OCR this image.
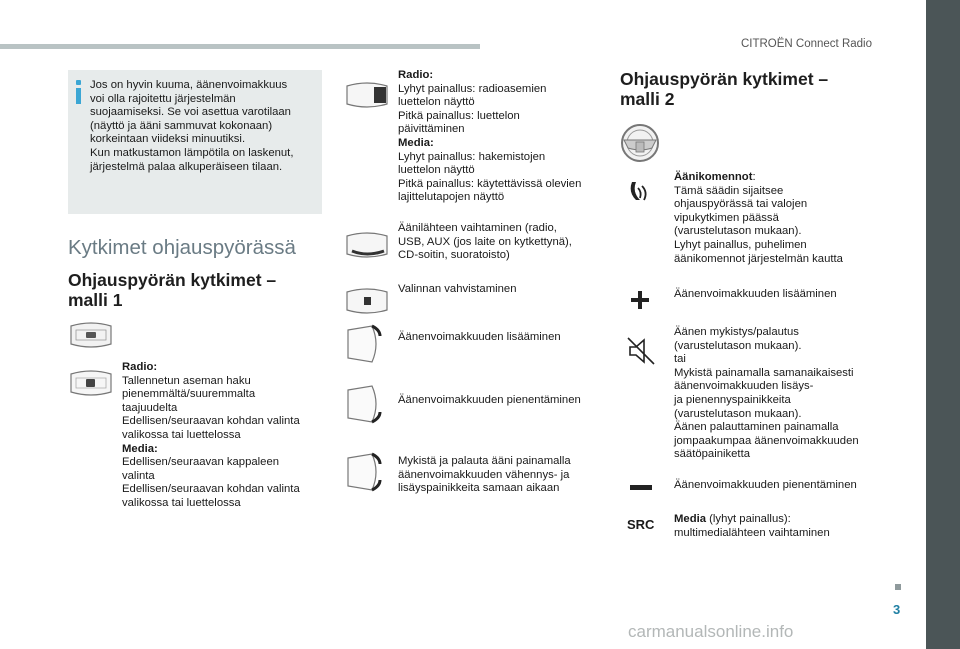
CITROËN Connect Radio
3
carmanualsonline.info
Jos on hyvin kuuma, äänenvoimakkuus
voi olla rajoitettu järjestelmän
suojaamiseksi. Se voi asettua varotilaan
(näyttö ja ääni sammuvat kokonaan)
korkeintaan viideksi minuutiksi.
Kun matkustamon lämpötila on laskenut,
järjestelmä palaa alkuperäiseen tilaan.
Kytkimet ohjauspyörässä
Ohjauspyörän kytkimet –
malli 1
Radio:
Tallennetun aseman haku
pienemmältä/suuremmalta
taajuudelta
Edellisen/seuraavan kohdan valinta
valikossa tai luettelossa
Media:
Edellisen/seuraavan kappaleen
valinta
Edellisen/seuraavan kohdan valinta
valikossa tai luettelossa
Radio:
Lyhyt painallus: radioasemien
luettelon näyttö
Pitkä painallus: luettelon
päivittäminen
Media:
Lyhyt painallus: hakemistojen
luettelon näyttö
Pitkä painallus: käytettävissä olevien
lajittelutapojen näyttö
Äänilähteen vaihtaminen (radio,
USB, AUX (jos laite on kytkettynä),
CD-soitin, suoratoisto)
Valinnan vahvistaminen
Äänenvoimakkuuden lisääminen
Äänenvoimakkuuden pienentäminen
Mykistä ja palauta ääni painamalla
äänenvoimakkuuden vähennys- ja
lisäyspainikkeita samaan aikaan
Ohjauspyörän kytkimet –
malli 2
Äänikomennot:
Tämä säädin sijaitsee
ohjauspyörässä tai valojen
vipukytkimen päässä
(varustelutason mukaan).
Lyhyt painallus, puhelimen
äänikomennot järjestelmän kautta
Äänenvoimakkuuden lisääminen
Äänen mykistys/palautus
(varustelutason mukaan).
tai
Mykistä painamalla samanaikaisesti
äänenvoimakkuuden lisäys-
ja pienennyspainikkeita
(varustelutason mukaan).
Äänen palauttaminen painamalla
jompaakumpaa äänenvoimakkuuden
säätöpainiketta
Äänenvoimakkuuden pienentäminen
SRC Media (lyhyt painallus):
multimedialähteen vaihtaminen
